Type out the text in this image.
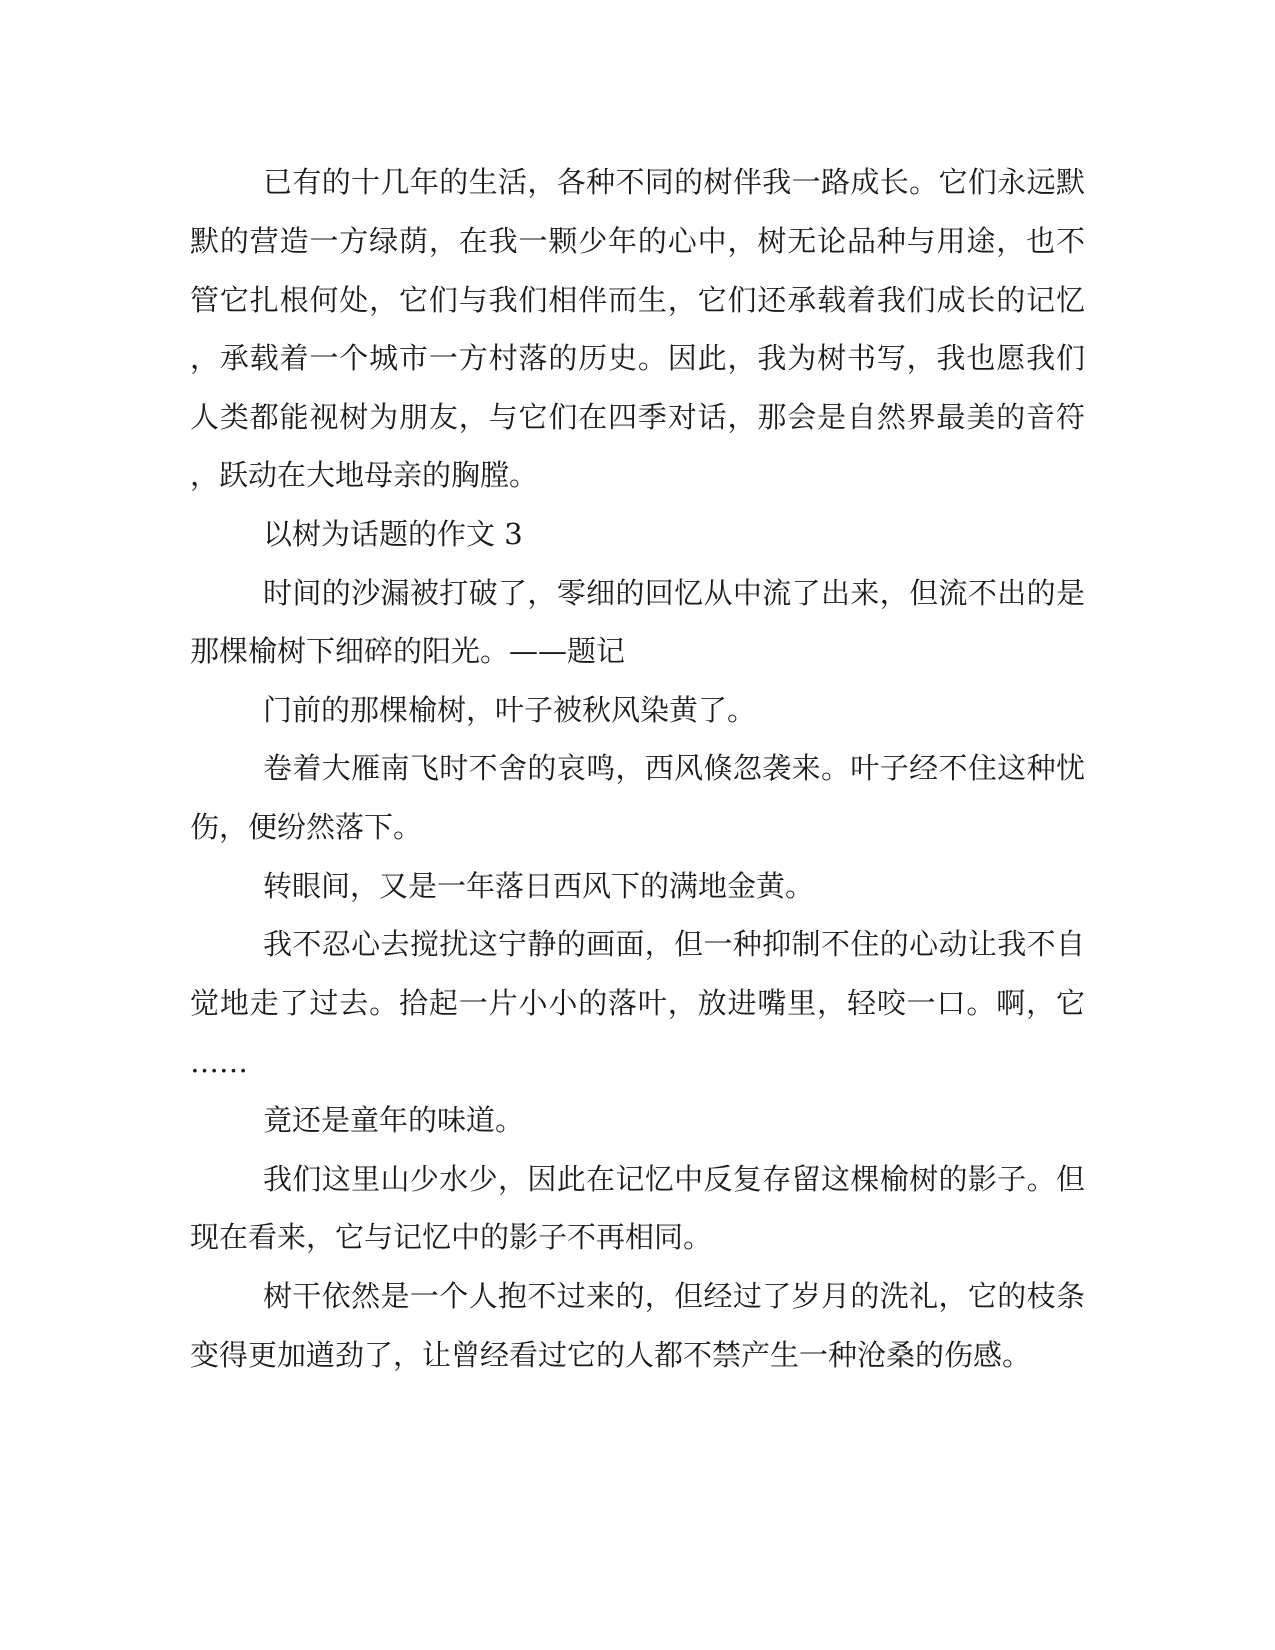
已有的十几年的生活，各种不同的树伴我一路成长。它们永远默
默的营造一方绿荫，在我一颗少年的心中，树无论品种与用途，也不
管它扎根何处，它们与我们相伴而生，它们还承载着我们成长的记忆
，承载着一个城市一方村落的历史。因此，我为树书写，我也愿我们
人类都能视树为朋友，与它们在四季对话，那会是自然界最美的音符
，跃动在大地母亲的胸膛。
以树为话题的作文 3
时间的沙漏被打破了，零细的回忆从中流了出来，但流不出的是
那棵榆树下细碎的阳光。——题记
门前的那棵榆树，叶子被秋风染黄了。
卷着大雁南飞时不舍的哀鸣，西风倏忽袭来。叶子经不住这种忧
伤，便纷然落下。
转眼间，又是一年落日西风下的满地金黄。
我不忍心去搅扰这宁静的画面，但一种抑制不住的心动让我不自
觉地走了过去。拾起一片小小的落叶，放进嘴里，轻咬一口。啊，它
……
竟还是童年的味道。
我们这里山少水少，因此在记忆中反复存留这棵榆树的影子。但
现在看来，它与记忆中的影子不再相同。
树干依然是一个人抱不过来的，但经过了岁月的洗礼，它的枝条
变得更加遒劲了，让曾经看过它的人都不禁产生一种沧桑的伤感。
